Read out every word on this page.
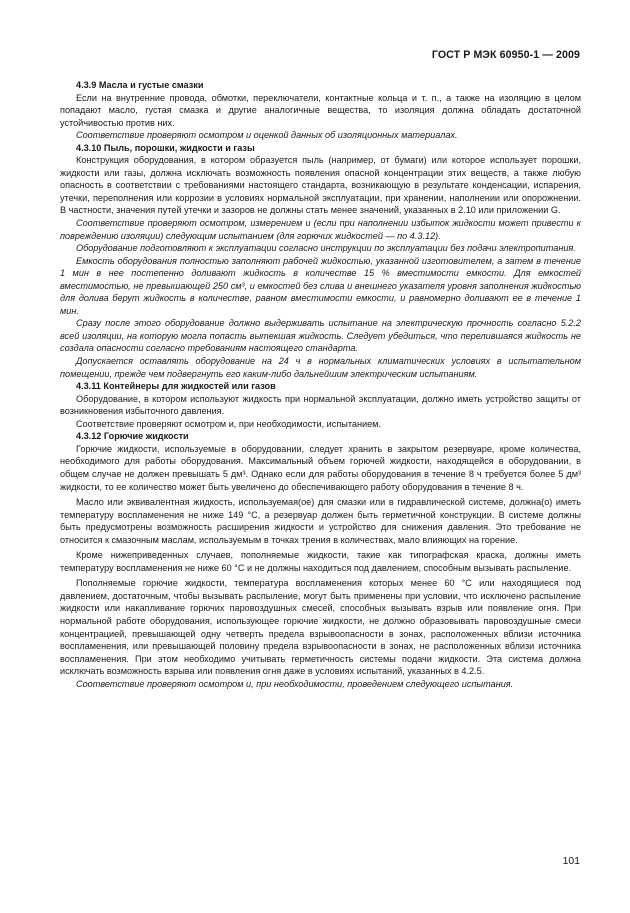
ГОСТ Р МЭК 60950-1 — 2009

4.3.9 Масла и густые смазки

Если на внутренние провода, обмотки, переключатели, контактные кольца и т. п., а также на изоляцию в целом попадают масло, густая смазка и другие аналогичные вещества, то изоляция должна обладать достаточной устойчивостью против них.

Соответствие проверяют осмотром и оценкой данных об изоляционных материалах.

4.3.10 Пыль, порошки, жидкости и газы

Конструкция оборудования, в котором образуется пыль (например, от бумаги) или которое использует порошки, жидкости или газы, должна исключать возможность появления опасной концентрации этих веществ, а также любую опасность в соответствии с требованиями настоящего стандарта, возникающую в результате конденсации, испарения, утечки, переполнения или коррозии в условиях нормальной эксплуатации, при хранении, наполнении или опорожнении. В частности, значения путей утечки и зазоров не должны стать менее значений, указанных в 2.10 или приложении G.

Соответствие проверяют осмотром, измерением и (если при наполнении избыток жидкости может привести к повреждению изоляции) следующим испытанием (для горючих жидкостей — по 4.3.12).

Оборудование подготовляют к эксплуатации согласно инструкции по эксплуатации без подачи электропитания.

Емкость оборудования полностью заполняют рабочей жидкостью, указанной изготовителем, а затем в течение 1 мин в нее постепенно доливают жидкость в количестве 15 % вместимости емкости. Для емкостей вместимостью, не превышающей 250 см³, и емкостей без слива и внешнего указателя уровня заполнения жидкостью для долива берут жидкость в количестве, равном вместимости емкости, и равномерно доливают ее в течение 1 мин.

Сразу после этого оборудование должно выдерживать испытание на электрическую прочность согласно 5.2.2 всей изоляции, на которую могла попасть вытекшая жидкость. Следует убедиться, что перелившаяся жидкость не создала опасности согласно требованиям настоящего стандарта.

Допускается оставлять оборудование на 24 ч в нормальных климатических условиях в испытательном помещении, прежде чем подвергнуть его каким-либо дальнейшим электрическим испытаниям.

4.3.11 Контейнеры для жидкостей или газов

Оборудование, в котором используют жидкость при нормальной эксплуатации, должно иметь устройство защиты от возникновения избыточного давления.

Соответствие проверяют осмотром и, при необходимости, испытанием.

4.3.12 Горючие жидкости

Горючие жидкости, используемые в оборудовании, следует хранить в закрытом резервуаре, кроме количества, необходимого для работы оборудования. Максимальный объем горючей жидкости, находящейся в оборудовании, в общем случае не должен превышать 5 дм³. Однако если для работы оборудования в течение 8 ч требуется более 5 дм³ жидкости, то ее количество может быть увеличено до обеспечивающего работу оборудования в течение 8 ч.

Масло или эквивалентная жидкость, используемая(ое) для смазки или в гидравлической системе, должна(о) иметь температуру воспламенения не ниже 149 °С, а резервуар должен быть герметичной конструкции. В системе должны быть предусмотрены возможность расширения жидкости и устройство для снижения давления. Это требование не относится к смазочным маслам, используемым в точках трения в количествах, мало влияющих на горение.

Кроме нижеприведенных случаев, пополняемые жидкости, такие как типографская краска, должны иметь температуру воспламенения не ниже 60 °С и не должны находиться под давлением, способным вызывать распыление.

Пополняемые горючие жидкости, температура воспламенения которых менее 60 °С или находящиеся под давлением, достаточным, чтобы вызывать распыление, могут быть применены при условии, что исключено распыление жидкости или накапливание горючих паровоздушных смесей, способных вызывать взрыв или появление огня. При нормальной работе оборудования, использующее горючие жидкости, не должно образовывать паровоздушные смеси концентрацией, превышающей одну четверть предела взрывоопасности в зонах, расположенных вблизи источника воспламенения, или превышающей половину предела взрывоопасности в зонах, не расположенных вблизи источника воспламенения. При этом необходимо учитывать герметичность системы подачи жидкости. Эта система должна исключать возможность взрыва или появления огня даже в условиях испытаний, указанных в 4.2.5.

Соответствие проверяют осмотром и, при необходимости, проведением следующего испытания.

101
